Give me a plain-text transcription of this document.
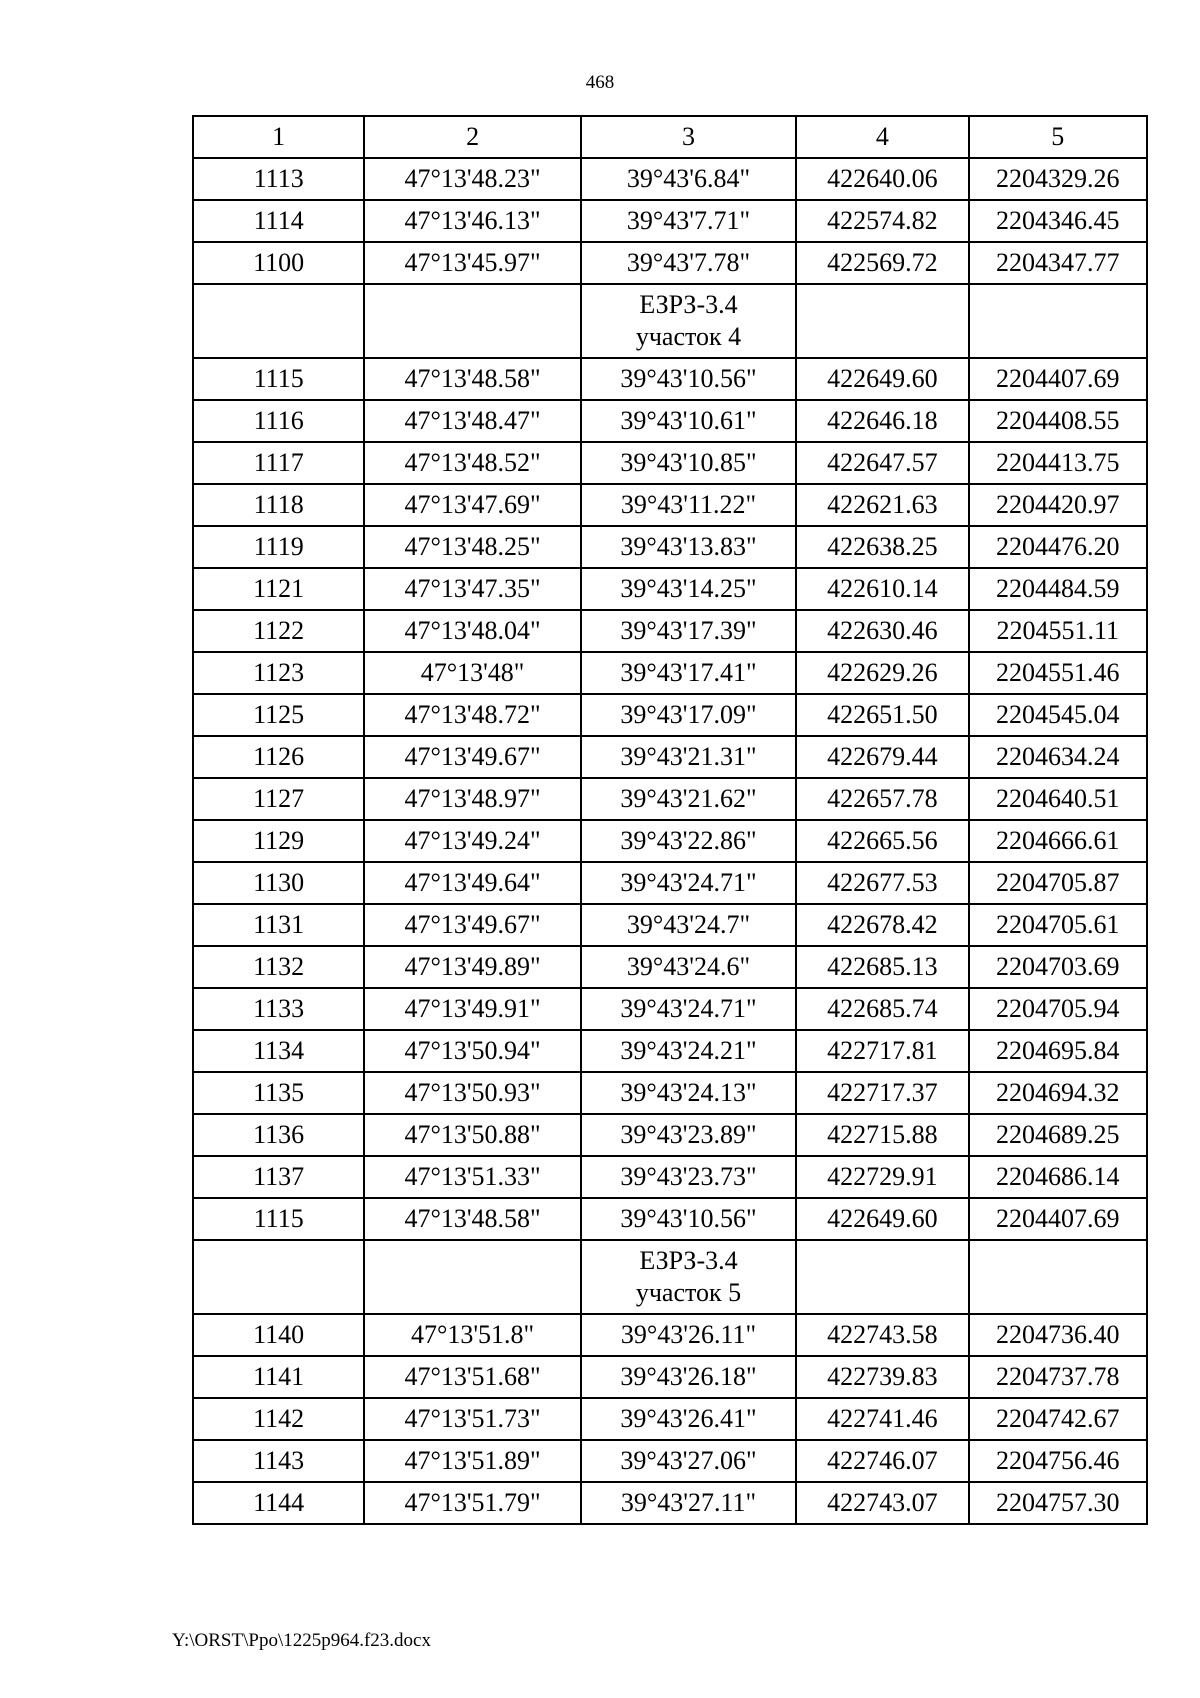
468
1	2	3	4	5
1113	47°13'48.23"	39°43'6.84"	422640.06	2204329.26
1114	47°13'46.13"	39°43'7.71"	422574.82	2204346.45
1100	47°13'45.97"	39°43'7.78"	422569.72	2204347.77

		ЕЗРЗ-3.4
участок 4		

1115	47°13'48.58"	39°43'10.56"	422649.60	2204407.69
1116	47°13'48.47"	39°43'10.61"	422646.18	2204408.55
1117	47°13'48.52"	39°43'10.85"	422647.57	2204413.75
1118	47°13'47.69"	39°43'11.22"	422621.63	2204420.97
1119	47°13'48.25"	39°43'13.83"	422638.25	2204476.20
1121	47°13'47.35"	39°43'14.25"	422610.14	2204484.59
1122	47°13'48.04"	39°43'17.39"	422630.46	2204551.11
1123	47°13'48"	39°43'17.41"	422629.26	2204551.46
1125	47°13'48.72"	39°43'17.09"	422651.50	2204545.04
1126	47°13'49.67"	39°43'21.31"	422679.44	2204634.24
1127	47°13'48.97"	39°43'21.62"	422657.78	2204640.51
1129	47°13'49.24"	39°43'22.86"	422665.56	2204666.61
1130	47°13'49.64"	39°43'24.71"	422677.53	2204705.87
1131	47°13'49.67"	39°43'24.7"	422678.42	2204705.61
1132	47°13'49.89"	39°43'24.6"	422685.13	2204703.69
1133	47°13'49.91"	39°43'24.71"	422685.74	2204705.94
1134	47°13'50.94"	39°43'24.21"	422717.81	2204695.84
1135	47°13'50.93"	39°43'24.13"	422717.37	2204694.32
1136	47°13'50.88"	39°43'23.89"	422715.88	2204689.25
1137	47°13'51.33"	39°43'23.73"	422729.91	2204686.14
1115	47°13'48.58"	39°43'10.56"	422649.60	2204407.69

		ЕЗРЗ-3.4
участок 5		

1140	47°13'51.8"	39°43'26.11"	422743.58	2204736.40
1141	47°13'51.68"	39°43'26.18"	422739.83	2204737.78
1142	47°13'51.73"	39°43'26.41"	422741.46	2204742.67
1143	47°13'51.89"	39°43'27.06"	422746.07	2204756.46
1144	47°13'51.79"	39°43'27.11"	422743.07	2204757.30
Y:\ORST\Ppo\1225p964.f23.docx
